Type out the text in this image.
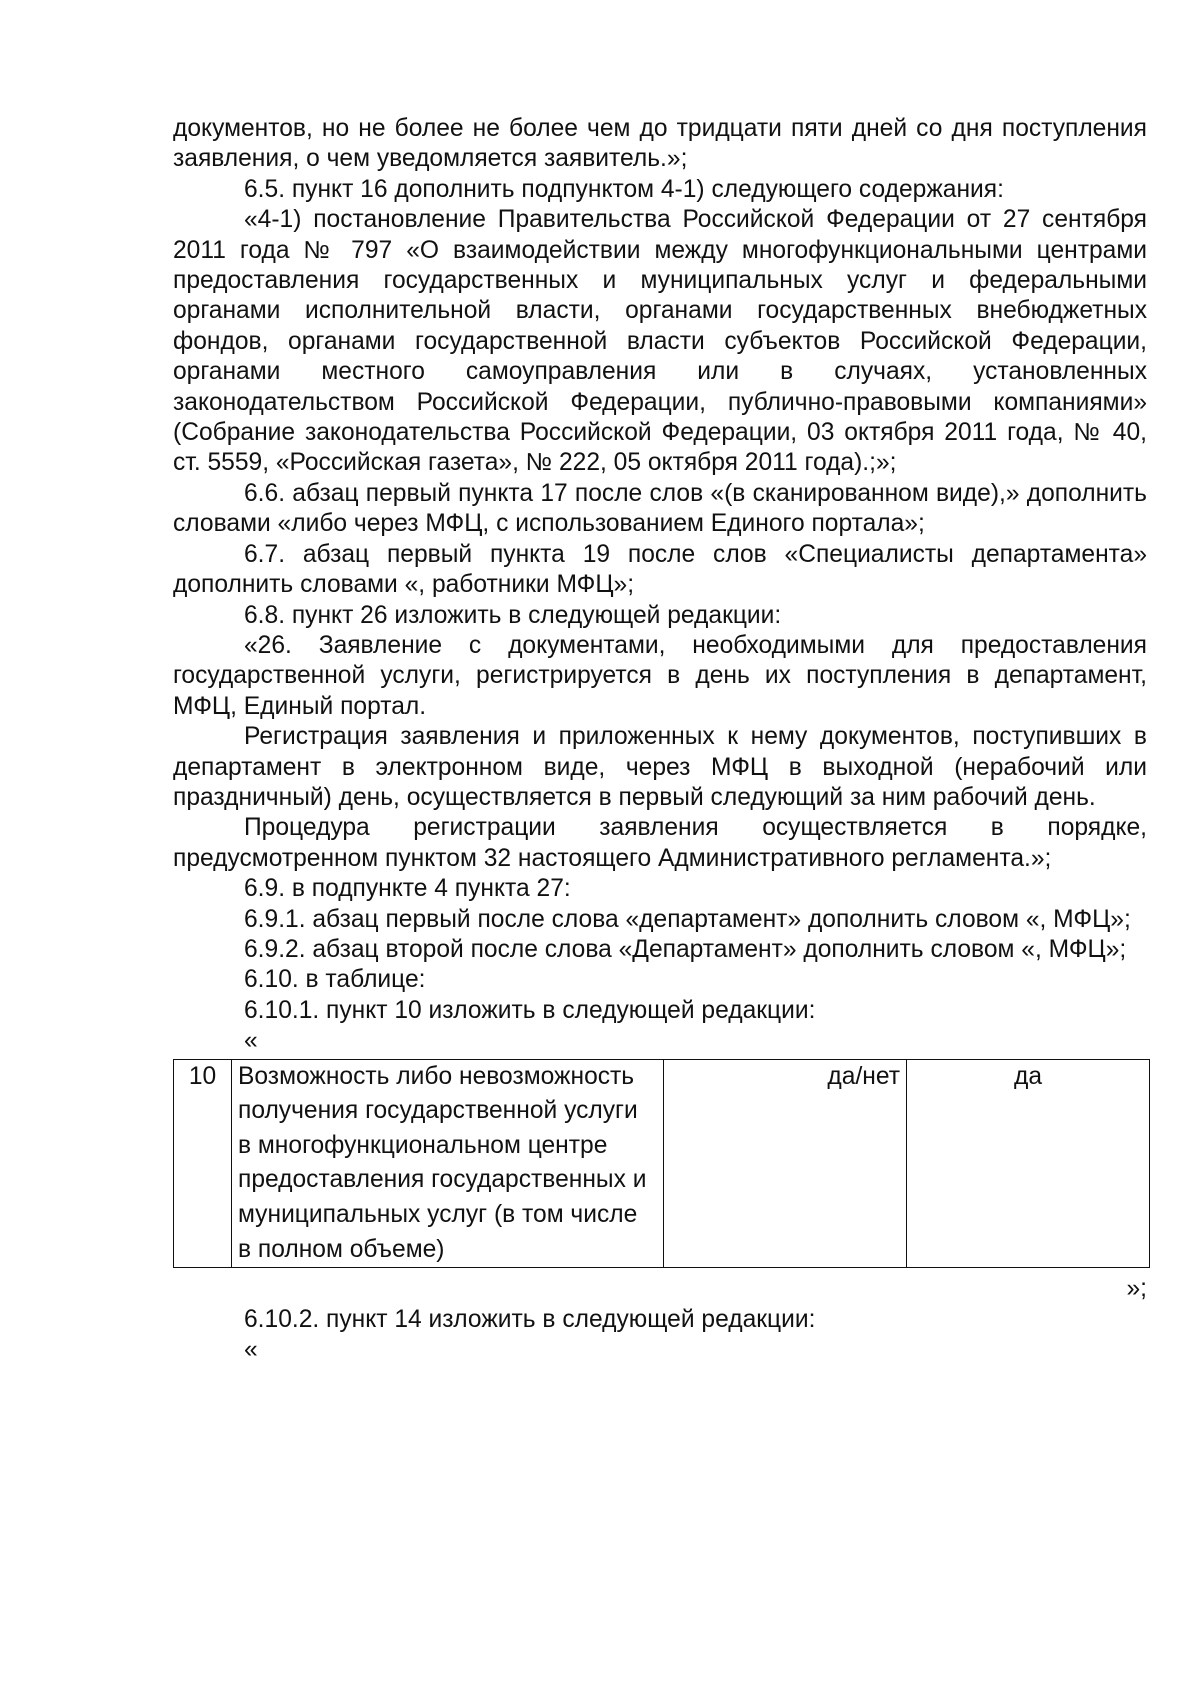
документов, но не более не более чем до тридцати пяти дней со дня поступления заявления, о чем уведомляется заявитель.»;

6.5. пункт 16 дополнить подпунктом 4-1) следующего содержания:

«4-1) постановление Правительства Российской Федерации от 27 сентября 2011 года № 797 «О взаимодействии между многофункциональными центрами предоставления государственных и муниципальных услуг и федеральными органами исполнительной власти, органами государственных внебюджетных фондов, органами государственной власти субъектов Российской Федерации, органами местного самоуправления или в случаях, установленных законодательством Российской Федерации, публично-правовыми компаниями» (Собрание законодательства Российской Федерации, 03 октября 2011 года, № 40, ст. 5559, «Российская газета», № 222, 05 октября 2011 года).;»;

6.6. абзац первый пункта 17 после слов «(в сканированном виде),» дополнить словами «либо через МФЦ, с использованием Единого портала»;

6.7. абзац первый пункта 19 после слов «Специалисты департамента» дополнить словами «, работники МФЦ»;

6.8. пункт 26 изложить в следующей редакции:

«26. Заявление с документами, необходимыми для предоставления государственной услуги, регистрируется в день их поступления в департамент, МФЦ, Единый портал.

Регистрация заявления и приложенных к нему документов, поступивших в департамент в электронном виде, через МФЦ в выходной (нерабочий или праздничный) день, осуществляется в первый следующий за ним рабочий день.

Процедура регистрации заявления осуществляется в порядке, предусмотренном пунктом 32 настоящего Административного регламента.»;

6.9. в подпункте 4 пункта 27:

6.9.1. абзац первый после слова «департамент» дополнить словом «, МФЦ»;

6.9.2. абзац второй после слова «Департамент» дополнить словом «, МФЦ»;

6.10. в таблице:

6.10.1. пункт 10 изложить в следующей редакции:

«

10	Возможность либо невозможность получения государственной услуги в многофункциональном центре предоставления государственных и муниципальных услуг (в том числе в полном объеме)	да/нет	да

»;

6.10.2. пункт 14 изложить в следующей редакции:

«
